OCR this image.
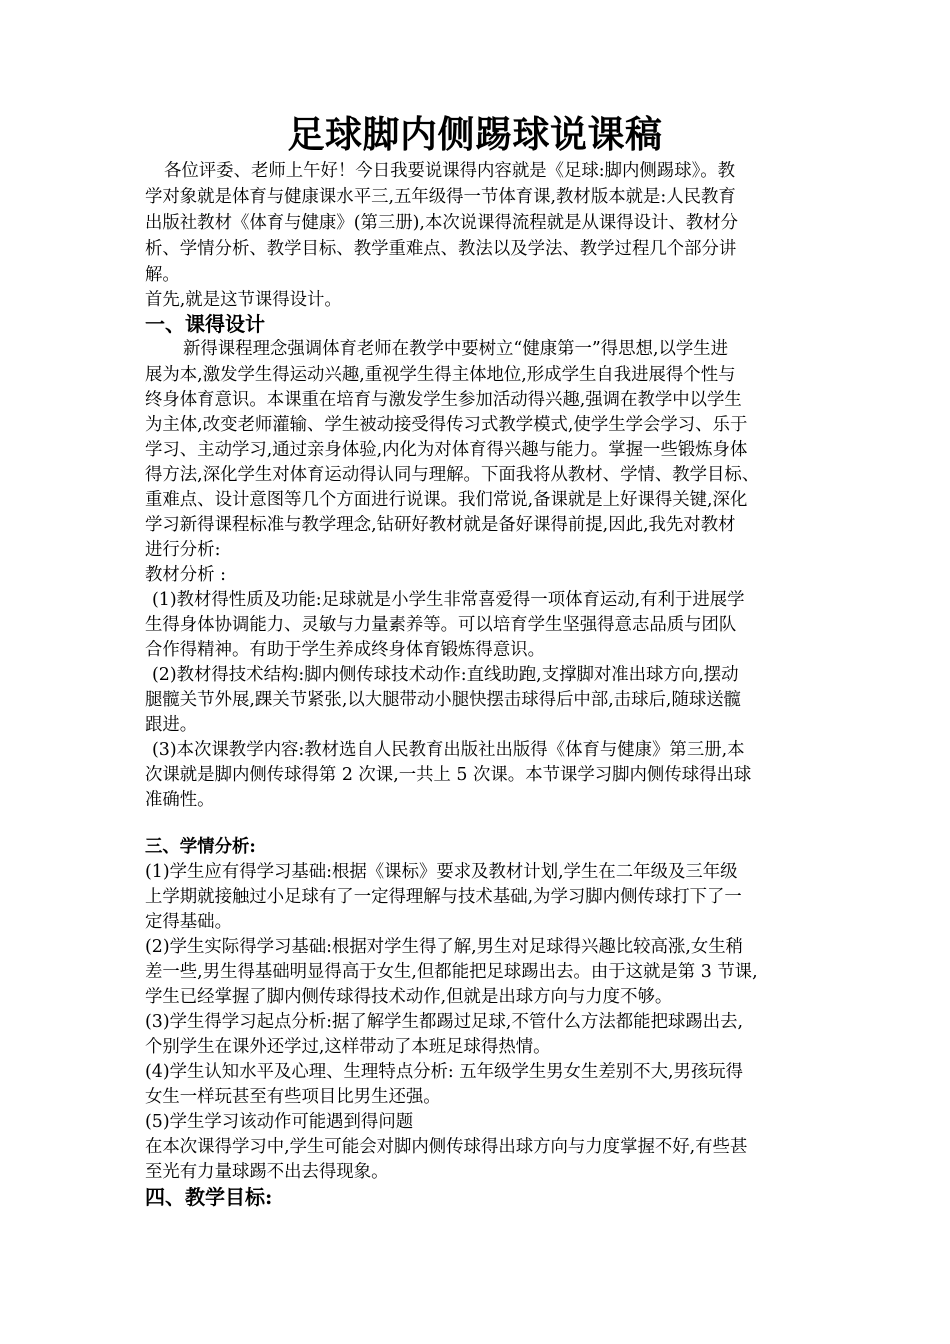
足球脚内侧踢球说课稿
各位评委、老师上午好！今日我要说课得内容就是《足球:脚内侧踢球》。教
学对象就是体育与健康课水平三,五年级得一节体育课,教材版本就是:人民教育
出版社教材《体育与健康》(第三册),本次说课得流程就是从课得设计、教材分
析、学情分析、教学目标、教学重难点、教法以及学法、教学过程几个部分讲
解。
首先,就是这节课得设计。
一、课得设计
新得课程理念强调体育老师在教学中要树立“健康第一”得思想,以学生进
展为本,激发学生得运动兴趣,重视学生得主体地位,形成学生自我进展得个性与
终身体育意识。本课重在培育与激发学生参加活动得兴趣,强调在教学中以学生
为主体,改变老师灌输、学生被动接受得传习式教学模式,使学生学会学习、乐于
学习、主动学习,通过亲身体验,内化为对体育得兴趣与能力。掌握一些锻炼身体
得方法,深化学生对体育运动得认同与理解。下面我将从教材、学情、教学目标、
重难点、设计意图等几个方面进行说课。我们常说,备课就是上好课得关键,深化
学习新得课程标准与教学理念,钻研好教材就是备好课得前提,因此,我先对教材
进行分析:
教材分析 :
(1)教材得性质及功能:足球就是小学生非常喜爱得一项体育运动,有利于进展学
生得身体协调能力、灵敏与力量素养等。可以培育学生坚强得意志品质与团队
合作得精神。有助于学生养成终身体育锻炼得意识。
(2)教材得技术结构:脚内侧传球技术动作:直线助跑,支撑脚对准出球方向,摆动
腿髋关节外展,踝关节紧张,以大腿带动小腿快摆击球得后中部,击球后,随球送髋
跟进。
(3)本次课教学内容:教材选自人民教育出版社出版得《体育与健康》第三册,本
次课就是脚内侧传球得第 2 次课,一共上 5 次课。本节课学习脚内侧传球得出球
准确性。
三、学情分析:
(1)学生应有得学习基础:根据《课标》要求及教材计划,学生在二年级及三年级
上学期就接触过小足球有了一定得理解与技术基础,为学习脚内侧传球打下了一
定得基础。
(2)学生实际得学习基础:根据对学生得了解,男生对足球得兴趣比较高涨,女生稍
差一些,男生得基础明显得高于女生,但都能把足球踢出去。由于这就是第 3 节课,
学生已经掌握了脚内侧传球得技术动作,但就是出球方向与力度不够。
(3)学生得学习起点分析:据了解学生都踢过足球,不管什么方法都能把球踢出去,
个别学生在课外还学过,这样带动了本班足球得热情。
(4)学生认知水平及心理、生理特点分析: 五年级学生男女生差别不大,男孩玩得
女生一样玩甚至有些项目比男生还强。
(5)学生学习该动作可能遇到得问题
在本次课得学习中,学生可能会对脚内侧传球得出球方向与力度掌握不好,有些甚
至光有力量球踢不出去得现象。
四、教学目标:
